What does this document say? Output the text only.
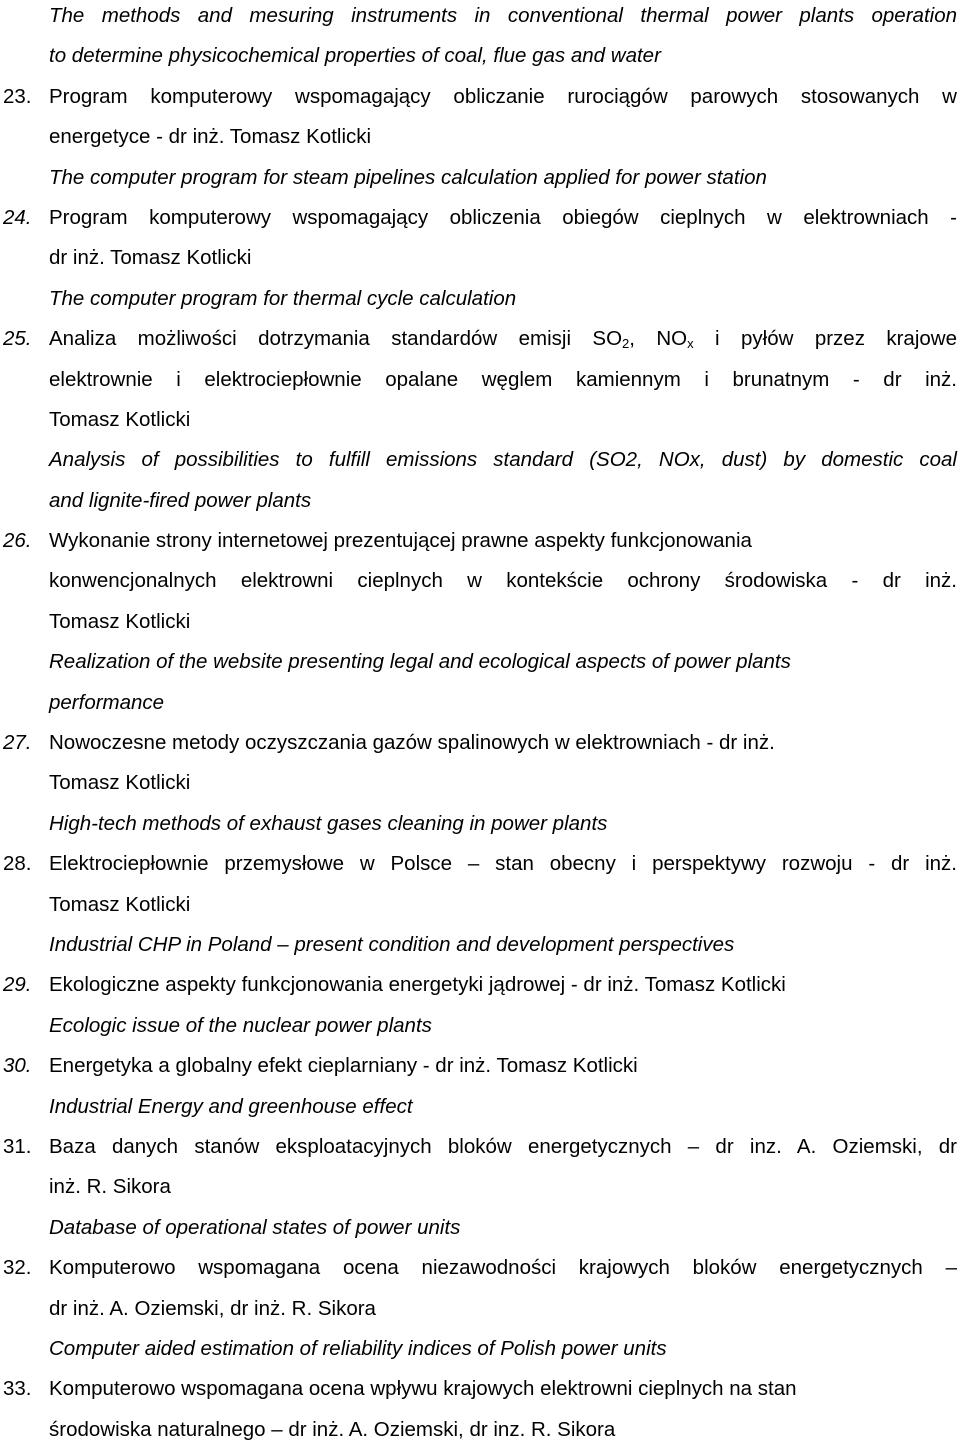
The methods and mesuring instruments in conventional thermal power plants operation
to determine physicochemical properties of coal, flue gas and water
23. Program komputerowy wspomagający obliczanie rurociągów parowych stosowanych w
energetyce - dr inż. Tomasz Kotlicki
The computer program for steam pipelines calculation applied for power station
24. Program komputerowy wspomagający obliczenia obiegów cieplnych w elektrowniach -
dr inż. Tomasz Kotlicki
The computer program for thermal cycle calculation
25. Analiza możliwości dotrzymania standardów emisji $SO_2$, $NO_x$ i pyłów przez krajowe
elektrownie i elektrociepłownie opalane węglem kamiennym i brunatnym - dr inż.
Tomasz Kotlicki
Analysis of possibilities to fulfill emissions standard (SO2, NOx, dust) by domestic coal
and lignite-fired power plants
26. Wykonanie strony internetowej prezentującej prawne aspekty funkcjonowania
konwencjonalnych elektrowni cieplnych w kontekście ochrony środowiska - dr inż.
Tomasz Kotlicki
Realization of the website presenting legal and ecological aspects of power plants
performance
27. Nowoczesne metody oczyszczania gazów spalinowych w elektrowniach - dr inż.
Tomasz Kotlicki
High-tech methods of exhaust gases cleaning in power plants
28. Elektrociepłownie przemysłowe w Polsce – stan obecny i perspektywy rozwoju - dr inż.
Tomasz Kotlicki
Industrial CHP in Poland – present condition and development perspectives
29. Ekologiczne aspekty funkcjonowania energetyki jądrowej - dr inż. Tomasz Kotlicki
Ecologic issue of the nuclear power plants
30. Energetyka a globalny efekt cieplarniany - dr inż. Tomasz Kotlicki
Industrial Energy and greenhouse effect
31. Baza danych stanów eksploatacyjnych bloków energetycznych – dr inz. A. Oziemski, dr
inż. R. Sikora
Database of operational states of power units
32. Komputerowo wspomagana ocena niezawodności krajowych bloków energetycznych –
dr inż. A. Oziemski, dr inż. R. Sikora
Computer aided estimation of reliability indices of Polish power units
33. Komputerowo wspomagana ocena wpływu krajowych elektrowni cieplnych na stan
środowiska naturalnego – dr inż. A. Oziemski, dr inz. R. Sikora
